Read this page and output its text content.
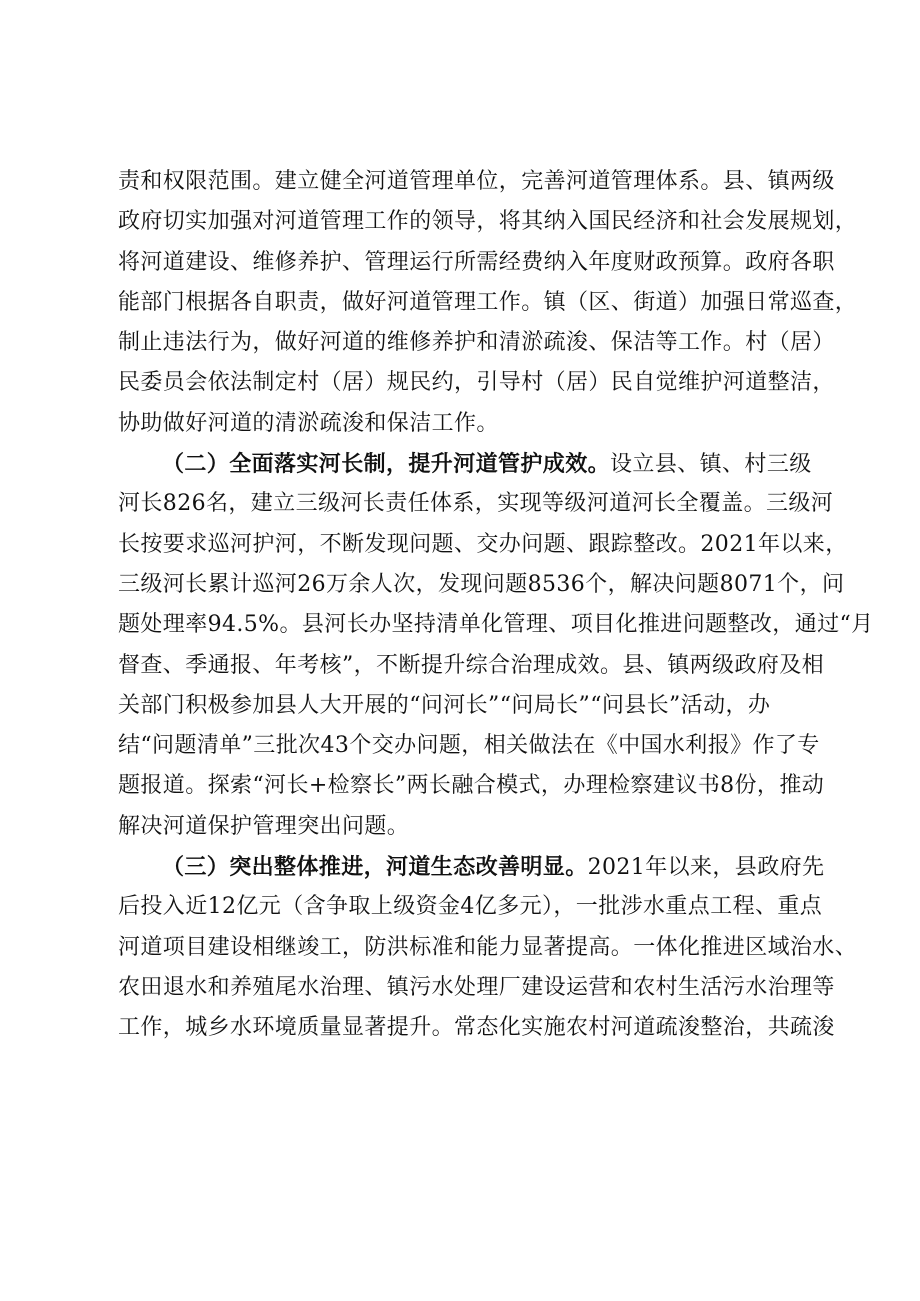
责和权限范围。建立健全河道管理单位，完善河道管理体系。县、镇两级
政府切实加强对河道管理工作的领导，将其纳入国民经济和社会发展规划，
将河道建设、维修养护、管理运行所需经费纳入年度财政预算。政府各职
能部门根据各自职责，做好河道管理工作。镇（区、街道）加强日常巡查，
制止违法行为，做好河道的维修养护和清淤疏浚、保洁等工作。村（居）
民委员会依法制定村（居）规民约，引导村（居）民自觉维护河道整洁，
协助做好河道的清淤疏浚和保洁工作。
（二）全面落实河长制，提升河道管护成效。设立县、镇、村三级
河长826名，建立三级河长责任体系，实现等级河道河长全覆盖。三级河
长按要求巡河护河，不断发现问题、交办问题、跟踪整改。2021年以来，
三级河长累计巡河26万余人次，发现问题8536个，解决问题8071个，问
题处理率94.5%。县河长办坚持清单化管理、项目化推进问题整改，通过“月
督查、季通报、年考核”，不断提升综合治理成效。县、镇两级政府及相
关部门积极参加县人大开展的“问河长”“问局长”“问县长”活动，办
结“问题清单”三批次43个交办问题，相关做法在《中国水利报》作了专
题报道。探索“河长+检察长”两长融合模式，办理检察建议书8份，推动
解决河道保护管理突出问题。
（三）突出整体推进，河道生态改善明显。2021年以来，县政府先
后投入近12亿元（含争取上级资金4亿多元），一批涉水重点工程、重点
河道项目建设相继竣工，防洪标准和能力显著提高。一体化推进区域治水、
农田退水和养殖尾水治理、镇污水处理厂建设运营和农村生活污水治理等
工作，城乡水环境质量显著提升。常态化实施农村河道疏浚整治，共疏浚
